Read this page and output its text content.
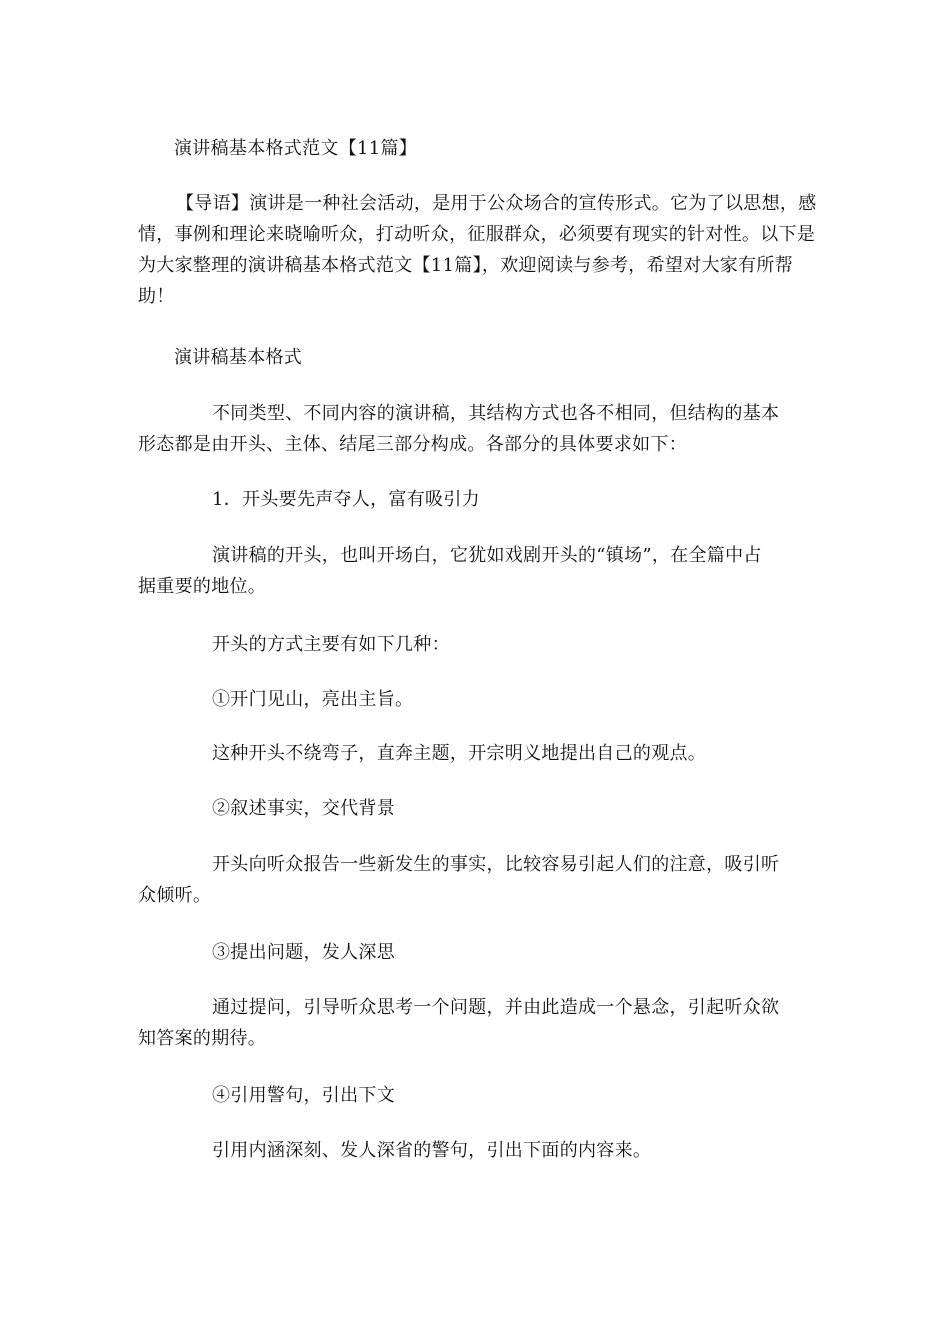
演讲稿基本格式范文【11篇】

【导语】演讲是一种社会活动，是用于公众场合的宣传形式。它为了以思想，感情，事例和理论来晓喻听众，打动听众，征服群众，必须要有现实的针对性。以下是为大家整理的演讲稿基本格式范文【11篇】，欢迎阅读与参考，希望对大家有所帮助！

演讲稿基本格式

不同类型、不同内容的演讲稿，其结构方式也各不相同，但结构的基本
形态都是由开头、主体、结尾三部分构成。各部分的具体要求如下：

1．开头要先声夺人，富有吸引力

演讲稿的开头，也叫开场白，它犹如戏剧开头的“镇场”，在全篇中占
据重要的地位。

开头的方式主要有如下几种：

①开门见山，亮出主旨。

这种开头不绕弯子，直奔主题，开宗明义地提出自己的观点。

②叙述事实，交代背景

开头向听众报告一些新发生的事实，比较容易引起人们的注意，吸引听
众倾听。

③提出问题，发人深思

通过提问，引导听众思考一个问题，并由此造成一个悬念，引起听众欲
知答案的期待。

④引用警句，引出下文

引用内涵深刻、发人深省的警句，引出下面的内容来。
